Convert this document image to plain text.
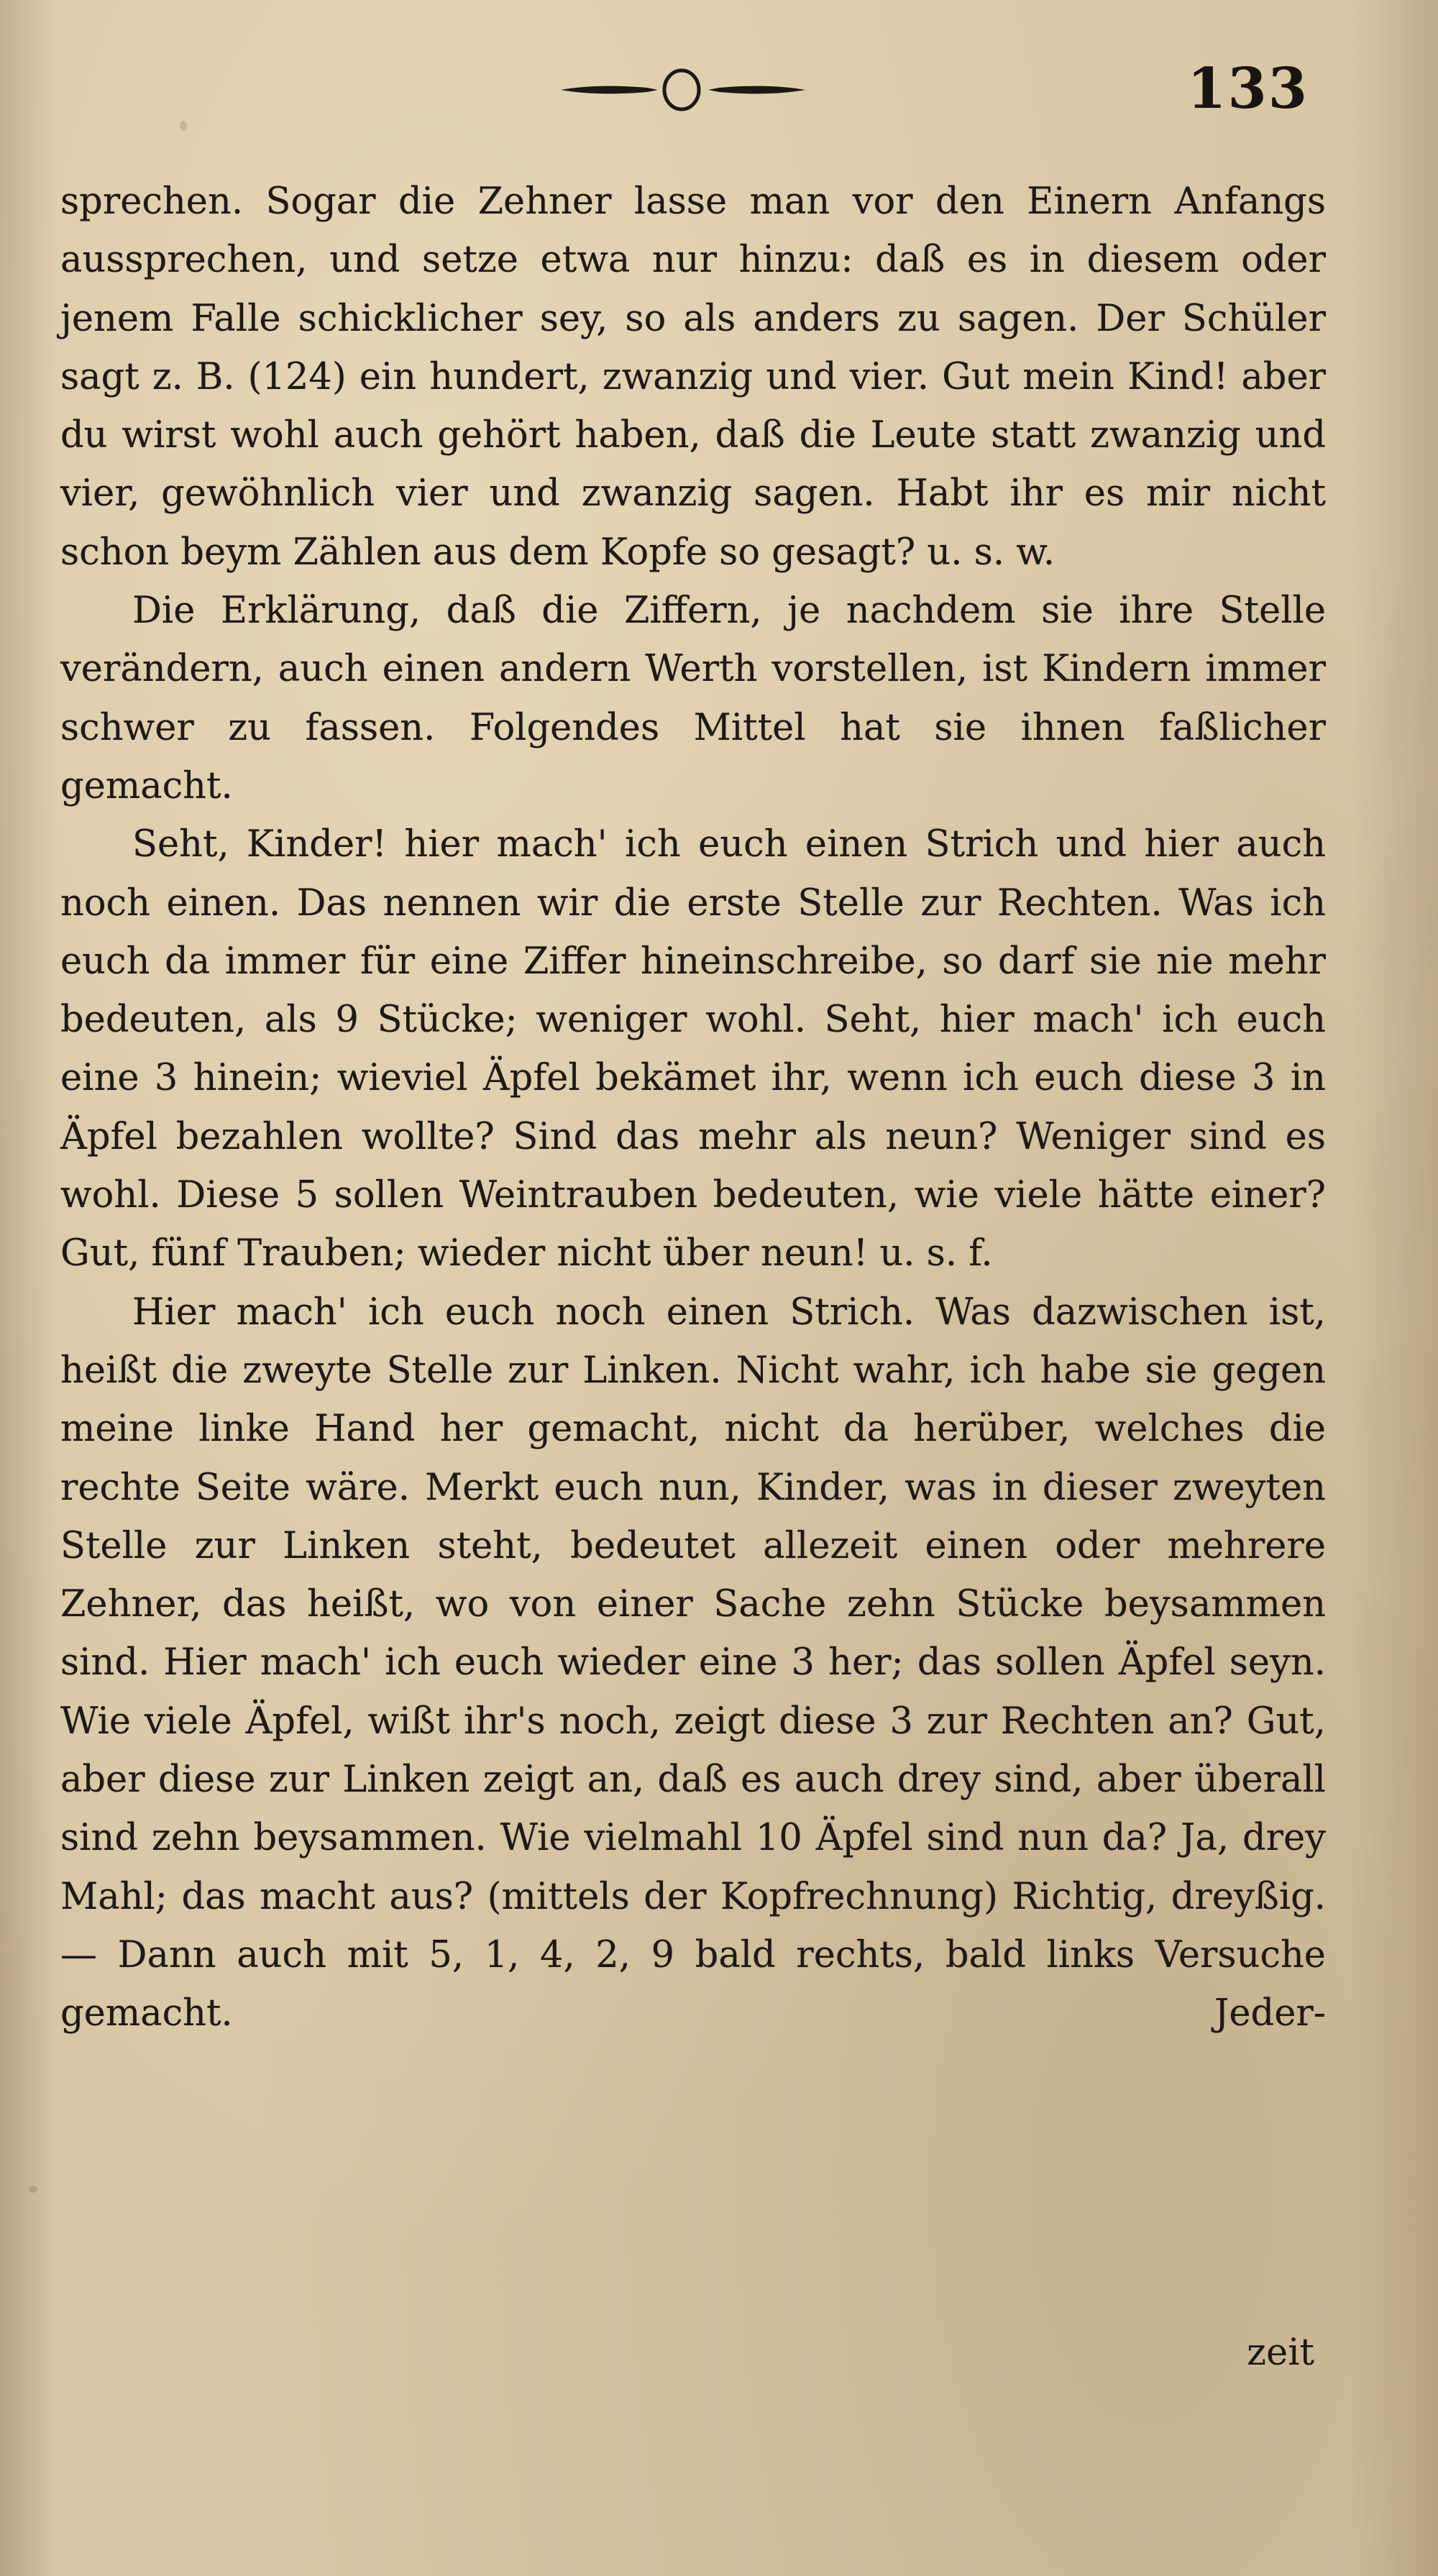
133

sprechen. Sogar die Zehner lasse man vor den Einern Anfangs aussprechen, und setze etwa nur hinzu: daß es in diesem oder jenem Falle schicklicher sey, so als anders zu sagen. Der Schüler sagt z. B. (124) ein hundert, zwanzig und vier. Gut mein Kind! aber du wirst wohl auch gehört haben, daß die Leute statt zwanzig und vier, gewöhnlich vier und zwanzig sagen. Habt ihr es mir nicht schon beym Zählen aus dem Kopfe so gesagt? u. s. w.

Die Erklärung, daß die Ziffern, je nachdem sie ihre Stelle verändern, auch einen andern Werth vorstellen, ist Kindern immer schwer zu fassen. Folgendes Mittel hat sie ihnen faßlicher gemacht.

Seht, Kinder! hier mach' ich euch einen Strich und hier auch noch einen. Das nennen wir die erste Stelle zur Rechten. Was ich euch da immer für eine Ziffer hineinschreibe, so darf sie nie mehr bedeuten, als 9 Stücke; weniger wohl. Seht, hier mach' ich euch eine 3 hinein; wieviel Äpfel bekämet ihr, wenn ich euch diese 3 in Äpfel bezahlen wollte? Sind das mehr als neun? Weniger sind es wohl. Diese 5 sollen Weintrauben bedeuten, wie viele hätte einer? Gut, fünf Trauben; wieder nicht über neun! u. s. f.

Hier mach' ich euch noch einen Strich. Was dazwischen ist, heißt die zweyte Stelle zur Linken. Nicht wahr, ich habe sie gegen meine linke Hand her gemacht, nicht da herüber, welches die rechte Seite wäre. Merkt euch nun, Kinder, was in dieser zweyten Stelle zur Linken steht, bedeutet allezeit einen oder mehrere Zehner, das heißt, wo von einer Sache zehn Stücke beysammen sind. Hier mach' ich euch wieder eine 3 her; das sollen Äpfel seyn. Wie viele Äpfel, wißt ihr's noch, zeigt diese 3 zur Rechten an? Gut, aber diese zur Linken zeigt an, daß es auch drey sind, aber überall sind zehn beysammen. Wie vielmahl 10 Äpfel sind nun da? Ja, drey Mahl; das macht aus? (mittels der Kopfrechnung) Richtig, dreyßig. — Dann auch mit 5, 1, 4, 2, 9 bald rechts, bald links Versuche gemacht. Jeder-

zeit
